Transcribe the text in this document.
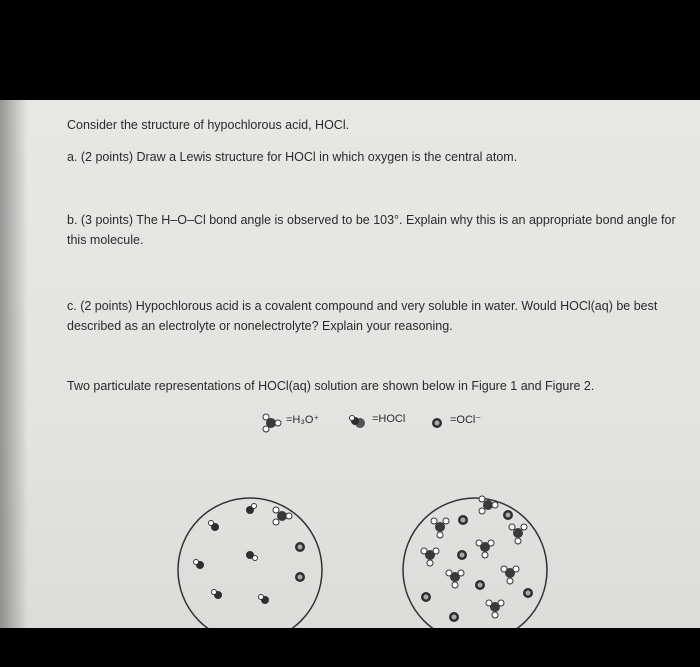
Consider the structure of hypochlorous acid, HOCl.
a. (2 points) Draw a Lewis structure for HOCl in which oxygen is the central atom.
b. (3 points) The H–O–Cl bond angle is observed to be 103°. Explain why this is an appropriate bond angle for this molecule.
c. (2 points) Hypochlorous acid is a covalent compound and very soluble in water. Would HOCl(aq) be best described as an electrolyte or nonelectrolyte? Explain your reasoning.
Two particulate representations of HOCl(aq) solution are shown below in Figure 1 and Figure 2.
=H₃O⁺	=HOCl	=OCl⁻
